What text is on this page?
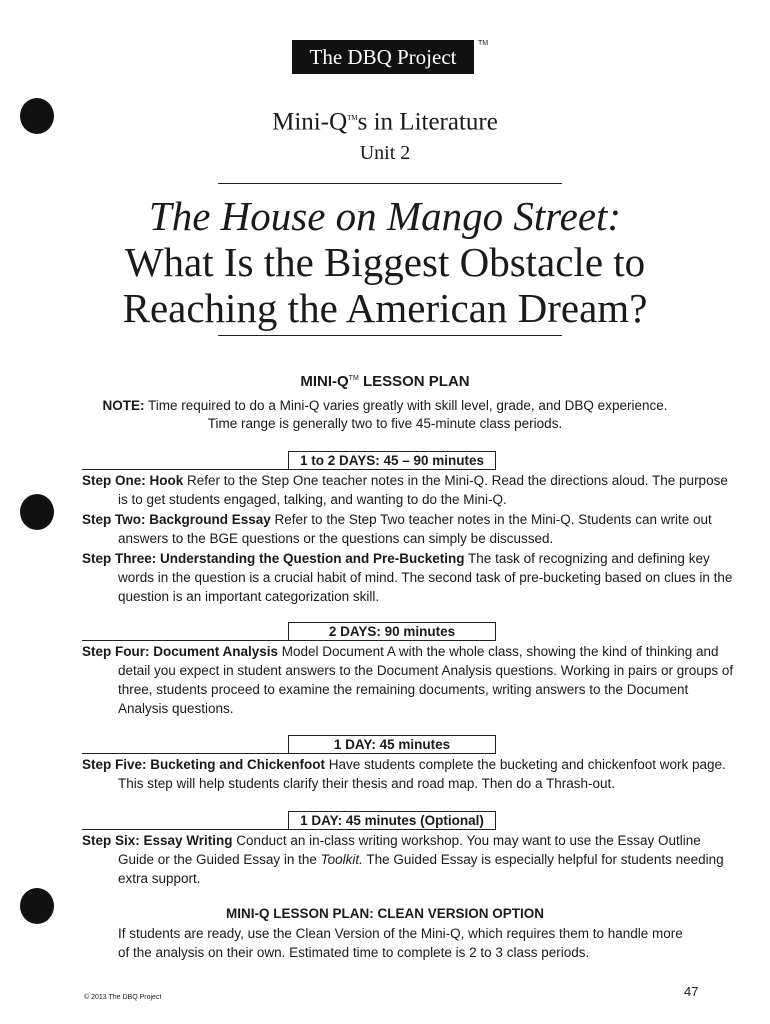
The DBQ Project
TM
Mini-Q™s in Literature
Unit 2
The House on Mango Street:
What Is the Biggest Obstacle to
Reaching the American Dream?
MINI-Q™ LESSON PLAN
NOTE: Time required to do a Mini-Q varies greatly with skill level, grade, and DBQ experience.
Time range is generally two to five 45-minute class periods.
1 to 2 DAYS: 45 – 90 minutes
Step One: Hook Refer to the Step One teacher notes in the Mini-Q. Read the directions aloud. The purpose is to get students engaged, talking, and wanting to do the Mini-Q.
Step Two: Background Essay Refer to the Step Two teacher notes in the Mini-Q. Students can write out answers to the BGE questions or the questions can simply be discussed.
Step Three: Understanding the Question and Pre-Bucketing The task of recognizing and defining key words in the question is a crucial habit of mind. The second task of pre-bucketing based on clues in the question is an important categorization skill.
2 DAYS: 90 minutes
Step Four: Document Analysis Model Document A with the whole class, showing the kind of thinking and detail you expect in student answers to the Document Analysis questions. Working in pairs or groups of three, students proceed to examine the remaining documents, writing answers to the Document Analysis questions.
1 DAY: 45 minutes
Step Five: Bucketing and Chickenfoot Have students complete the bucketing and chickenfoot work page. This step will help students clarify their thesis and road map. Then do a Thrash-out.
1 DAY: 45 minutes (Optional)
Step Six: Essay Writing Conduct an in-class writing workshop. You may want to use the Essay Outline Guide or the Guided Essay in the Toolkit. The Guided Essay is especially helpful for students needing extra support.
MINI-Q LESSON PLAN: CLEAN VERSION OPTION
If students are ready, use the Clean Version of the Mini-Q, which requires them to handle more of the analysis on their own. Estimated time to complete is 2 to 3 class periods.
© 2013 The DBQ Project	47
